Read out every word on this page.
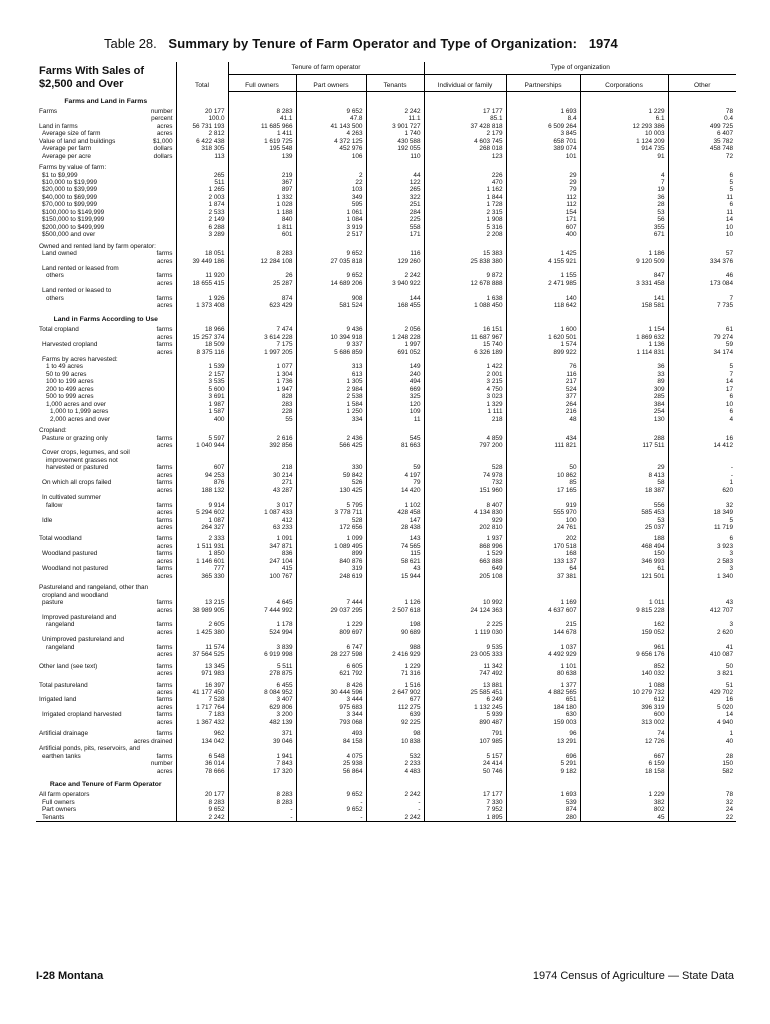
Table 28. Summary by Tenure of Farm Operator and Type of Organization: 1974
Farms With Sales of $2,500 and Over	Total	Tenure of farm operator			Type of organization			
		Full owners	Part owners	Tenants	Individual or family	Partnerships	Corporations	Other
Farms and Land in Farms								

Farms number	20 177	8 283	9 652	2 242	17 177	1 693	1 229	78

percent	100.0	41.1	47.8	11.1	85.1	8.4	6.1	0.4

Land in farms acres	56 731 193	11 685 966	41 143 500	3 901 727	37 428 818	6 509 264	12 293 386	499 725

Average size of farm acres	2 812	1 411	4 263	1 740	2 179	3 845	10 003	6 407

Value of land and buildings $1,000	6 422 438	1 619 725	4 372 125	430 588	4 603 745	658 701	1 124 209	35 782

Average per farm dollars	318 305	195 548	452 976	192 055	268 018	389 074	914 735	458 748

Average per acre dollars	113	139	106	110	123	101	91	72

Farms by value of farm:								

$1 to $9,999	265	219	2	44	226	29	4	6

$10,000 to $19,999	511	367	22	122	470	29	7	5

$20,000 to $39,999	1 265	897	103	265	1 162	79	19	5

$40,000 to $69,999	2 003	1 332	349	322	1 844	112	36	11

$70,000 to $99,999	1 874	1 028	595	251	1 728	112	28	6

$100,000 to $149,999	2 533	1 188	1 061	284	2 315	154	53	11

$150,000 to $199,999	2 149	840	1 084	225	1 908	171	56	14

$200,000 to $499,999	6 288	1 811	3 919	558	5 316	607	355	10

$500,000 and over	3 289	601	2 517	171	2 208	400	671	10

Owned and rented land by farm operator:								

Land owned farms	18 051	8 283	9 652	116	15 383	1 425	1 186	57

acres	39 449 186	12 284 108	27 035 818	129 260	25 838 380	4 155 921	9 120 509	334 376

Land rented or leased from								

others farms	11 920	26	9 652	2 242	9 872	1 155	847	46

acres	18 655 415	25 287	14 689 206	3 940 922	12 678 888	2 471 985	3 331 458	173 084

Land rented or leased to								

others farms	1 926	874	908	144	1 638	140	141	7

acres	1 373 408	623 429	581 524	168 455	1 088 450	118 642	158 581	7 735
Land in Farms According to Use								

Total cropland farms	18 966	7 474	9 436	2 056	16 151	1 600	1 154	61

acres	15 257 374	3 614 228	10 394 918	1 248 228	11 687 967	1 620 501	1 869 632	79 274

Harvested cropland farms	18 509	7 175	9 337	1 997	15 740	1 574	1 136	59

acres	8 375 116	1 997 205	5 686 859	691 052	6 326 189	899 922	1 114 831	34 174

Farms by acres harvested:								

1 to 49 acres	1 539	1 077	313	149	1 422	76	36	5

50 to 99 acres	2 157	1 304	613	240	2 001	116	33	7

100 to 199 acres	3 535	1 736	1 305	494	3 215	217	89	14

200 to 499 acres	5 600	1 947	2 984	669	4 750	524	309	17

500 to 999 acres	3 691	828	2 538	325	3 023	377	285	6

1,000 acres and over	1 987	283	1 584	120	1 329	264	384	10

1,000 to 1,999 acres	1 587	228	1 250	109	1 111	216	254	6

2,000 acres and over	400	55	334	11	218	48	130	4

Cropland:								

Pasture or grazing only farms	5 597	2 616	2 436	545	4 859	434	288	16

acres	1 040 944	392 856	566 425	81 663	797 200	111 821	117 511	14 412

Cover crops, legumes, and soil								

improvement grasses not								

harvested or pastured farms	607	218	330	59	528	50	29	-

acres	94 253	30 214	59 842	4 197	74 978	10 862	8 413	-

On which all crops failed farms	876	271	526	79	732	85	58	1

acres	188 132	43 287	130 425	14 420	151 960	17 165	18 387	620

In cultivated summer								

fallow farms	9 914	3 017	5 795	1 102	8 407	919	556	32

acres	5 294 602	1 087 433	3 778 711	428 458	4 134 830	555 970	585 453	18 349

Idle farms	1 087	412	528	147	929	100	53	5

acres	264 327	63 233	172 656	28 438	202 810	24 761	25 037	11 719

Total woodland farms	2 333	1 091	1 099	143	1 937	202	188	6

acres	1 511 931	347 871	1 089 495	74 565	868 996	170 518	468 494	3 923

Woodland pastured farms	1 850	836	899	115	1 529	168	150	3

acres	1 146 601	247 104	840 876	58 621	663 888	133 137	346 993	2 583

Woodland not pastured farms	777	415	319	43	649	64	61	3

acres	365 330	100 767	248 619	15 944	205 108	37 381	121 501	1 340

Pastureland and rangeland, other than								

cropland and woodland								

pasture farms	13 215	4 645	7 444	1 126	10 992	1 169	1 011	43

acres	38 989 905	7 444 992	29 037 295	2 507 618	24 124 363	4 637 607	9 815 228	412 707

Improved pastureland and								

rangeland farms	2 605	1 178	1 229	198	2 225	215	162	3

acres	1 425 380	524 994	809 697	90 689	1 119 030	144 678	159 052	2 620

Unimproved pastureland and								

rangeland farms	11 574	3 839	6 747	988	9 535	1 037	961	41

acres	37 564 525	6 919 998	28 227 598	2 416 929	23 005 333	4 492 929	9 656 176	410 087

Other land (see text) farms	13 345	5 511	6 605	1 229	11 342	1 101	852	50

acres	971 983	278 875	621 792	71 316	747 492	80 638	140 032	3 821

Total pastureland farms	16 397	6 455	8 426	1 516	13 881	1 377	1 088	51

acres	41 177 450	8 084 952	30 444 596	2 647 902	25 585 451	4 882 565	10 279 732	429 702

Irrigated land farms	7 528	3 407	3 444	677	6 249	651	612	16

acres	1 717 764	629 806	975 683	112 275	1 132 245	184 180	396 319	5 020

Irrigated cropland harvested farms	7 183	3 200	3 344	639	5 939	630	600	14

acres	1 367 432	482 139	793 068	92 225	890 487	159 003	313 002	4 940

Artificial drainage farms	962	371	493	98	791	96	74	1

acres drained	134 042	39 046	84 158	10 838	107 985	13 291	12 726	40

Artificial ponds, pits, reservoirs, and								

earthen tanks farms	6 548	1 941	4 075	532	5 157	696	667	28

number	36 014	7 843	25 938	2 233	24 414	5 291	6 159	150

acres	78 666	17 320	56 864	4 483	50 746	9 182	18 158	582
Race and Tenure of Farm Operator								

All farm operators	20 177	8 283	9 652	2 242	17 177	1 693	1 229	78

Full owners	8 283	8 283	-	-	7 330	539	382	32

Part owners	9 652	-	9 652	-	7 952	874	802	24

Tenants	2 242	-	-	2 242	1 895	280	45	22
I-28 Montana	1974 Census of Agriculture — State Data
